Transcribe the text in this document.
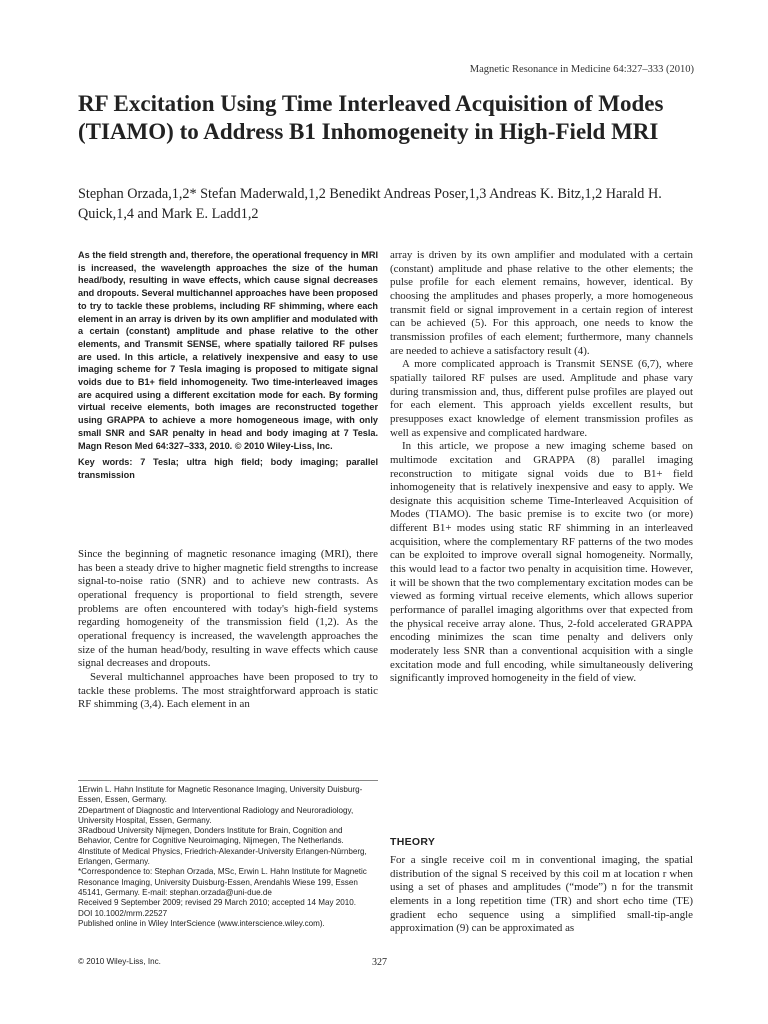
Magnetic Resonance in Medicine 64:327–333 (2010)
RF Excitation Using Time Interleaved Acquisition of Modes (TIAMO) to Address B1 Inhomogeneity in High-Field MRI
Stephan Orzada,1,2* Stefan Maderwald,1,2 Benedikt Andreas Poser,1,3 Andreas K. Bitz,1,2 Harald H. Quick,1,4 and Mark E. Ladd1,2

As the field strength and, therefore, the operational frequency in MRI is increased, the wavelength approaches the size of the human head/body, resulting in wave effects, which cause signal decreases and dropouts. Several multichannel approaches have been proposed to try to tackle these problems, including RF shimming, where each element in an array is driven by its own amplifier and modulated with a certain (constant) amplitude and phase relative to the other elements, and Transmit SENSE, where spatially tailored RF pulses are used. In this article, a relatively inexpensive and easy to use imaging scheme for 7 Tesla imaging is proposed to mitigate signal voids due to B1+ field inhomogeneity. Two time-interleaved images are acquired using a different excitation mode for each. By forming virtual receive elements, both images are reconstructed together using GRAPPA to achieve a more homogeneous image, with only small SNR and SAR penalty in head and body imaging at 7 Tesla. Magn Reson Med 64:327–333, 2010. © 2010 Wiley-Liss, Inc.

Key words: 7 Tesla; ultra high field; body imaging; parallel transmission

Since the beginning of magnetic resonance imaging (MRI), there has been a steady drive to higher magnetic field strengths to increase signal-to-noise ratio (SNR) and to achieve new contrasts. As operational frequency is proportional to field strength, severe problems are often encountered with today's high-field systems regarding homogeneity of the transmission field (1,2). As the operational frequency is increased, the wavelength approaches the size of the human head/body, resulting in wave effects which cause signal decreases and dropouts.

Several multichannel approaches have been proposed to try to tackle these problems. The most straightforward approach is static RF shimming (3,4). Each element in an

1Erwin L. Hahn Institute for Magnetic Resonance Imaging, University Duisburg-Essen, Essen, Germany.

2Department of Diagnostic and Interventional Radiology and Neuroradiology, University Hospital, Essen, Germany.

3Radboud University Nijmegen, Donders Institute for Brain, Cognition and Behavior, Centre for Cognitive Neuroimaging, Nijmegen, The Netherlands.

4Institute of Medical Physics, Friedrich-Alexander-University Erlangen-Nürnberg, Erlangen, Germany.

*Correspondence to: Stephan Orzada, MSc, Erwin L. Hahn Institute for Magnetic Resonance Imaging, University Duisburg-Essen, Arendahls Wiese 199, Essen 45141, Germany. E-mail: stephan.orzada@uni-due.de

Received 9 September 2009; revised 29 March 2010; accepted 14 May 2010.

DOI 10.1002/mrm.22527

Published online in Wiley InterScience (www.interscience.wiley.com).

© 2010 Wiley-Liss, Inc.	327

array is driven by its own amplifier and modulated with a certain (constant) amplitude and phase relative to the other elements; the pulse profile for each element remains, however, identical. By choosing the amplitudes and phases properly, a more homogeneous transmit field or signal improvement in a certain region of interest can be achieved (5). For this approach, one needs to know the transmission profiles of each element; furthermore, many channels are needed to achieve a satisfactory result (4).

A more complicated approach is Transmit SENSE (6,7), where spatially tailored RF pulses are used. Amplitude and phase vary during transmission and, thus, different pulse profiles are played out for each element. This approach yields excellent results, but presupposes exact knowledge of element transmission profiles as well as expensive and complicated hardware.

In this article, we propose a new imaging scheme based on multimode excitation and GRAPPA (8) parallel imaging reconstruction to mitigate signal voids due to B1+ field inhomogeneity that is relatively inexpensive and easy to apply. We designate this acquisition scheme Time-Interleaved Acquisition of Modes (TIAMO). The basic premise is to excite two (or more) different B1+ modes using static RF shimming in an interleaved acquisition, where the complementary RF patterns of the two modes can be exploited to improve overall signal homogeneity. Normally, this would lead to a factor two penalty in acquisition time. However, it will be shown that the two complementary excitation modes can be viewed as forming virtual receive elements, which allows superior performance of parallel imaging algorithms over that expected from the physical receive array alone. Thus, 2-fold accelerated GRAPPA encoding minimizes the scan time penalty and delivers only moderately less SNR than a conventional acquisition with a single excitation mode and full encoding, while simultaneously delivering significantly improved homogeneity in the field of view.

THEORY

For a single receive coil m in conventional imaging, the spatial distribution of the signal S received by this coil m at location r when using a set of phases and amplitudes (“mode”) n for the transmit elements in a long repetition time (TR) and short echo time (TE) gradient echo sequence using a simplified small-tip-angle approximation (9) can be approximated as
